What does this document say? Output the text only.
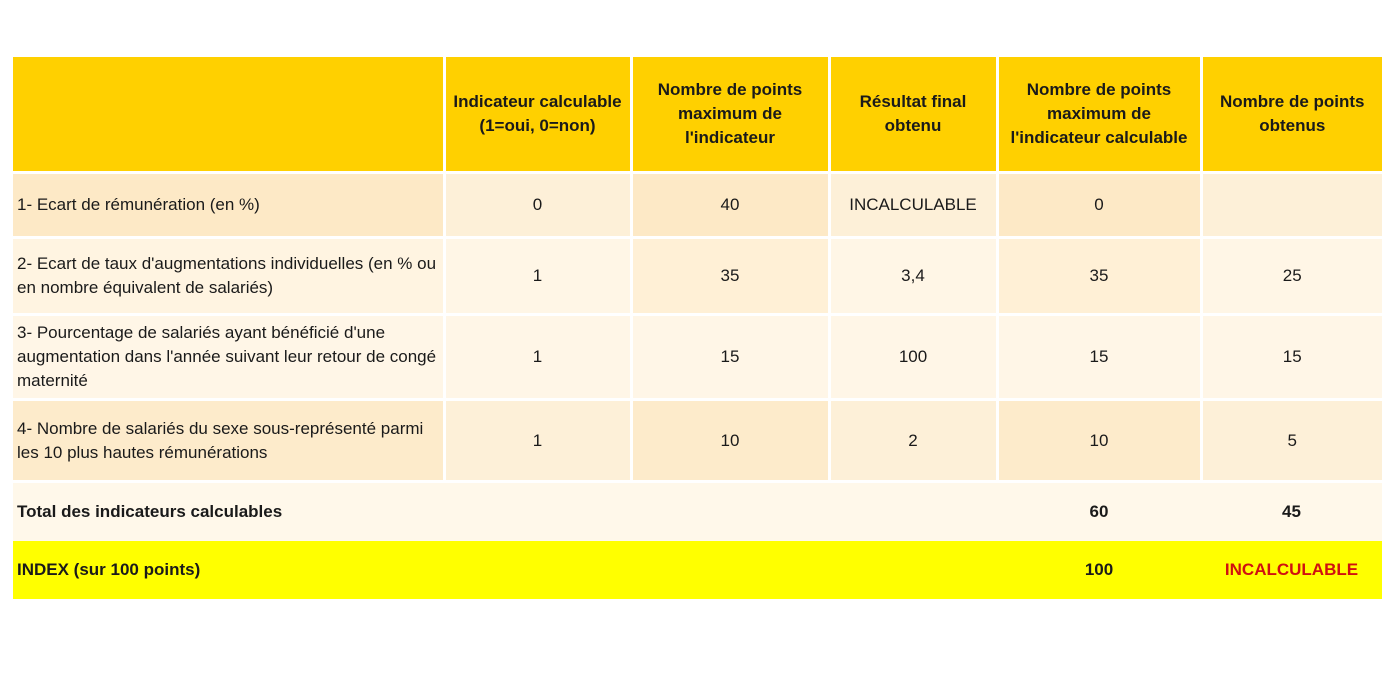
	Indicateur calculable (1=oui, 0=non)	Nombre de points maximum de l'indicateur	Résultat final obtenu	Nombre de points maximum de l'indicateur calculable	Nombre de points obtenus
1- Ecart de rémunération (en %)	0	40	INCALCULABLE	0	
2- Ecart de taux d'augmentations individuelles (en % ou en nombre équivalent de salariés)	1	35	3,4	35	25
3- Pourcentage de salariés ayant bénéficié d'une augmentation dans l'année suivant leur retour de congé maternité	1	15	100	15	15
4- Nombre de salariés du sexe sous-représenté parmi les 10 plus hautes rémunérations	1	10	2	10	5
Total des indicateurs calculables				60	45
INDEX (sur 100 points)				100	INCALCULABLE
